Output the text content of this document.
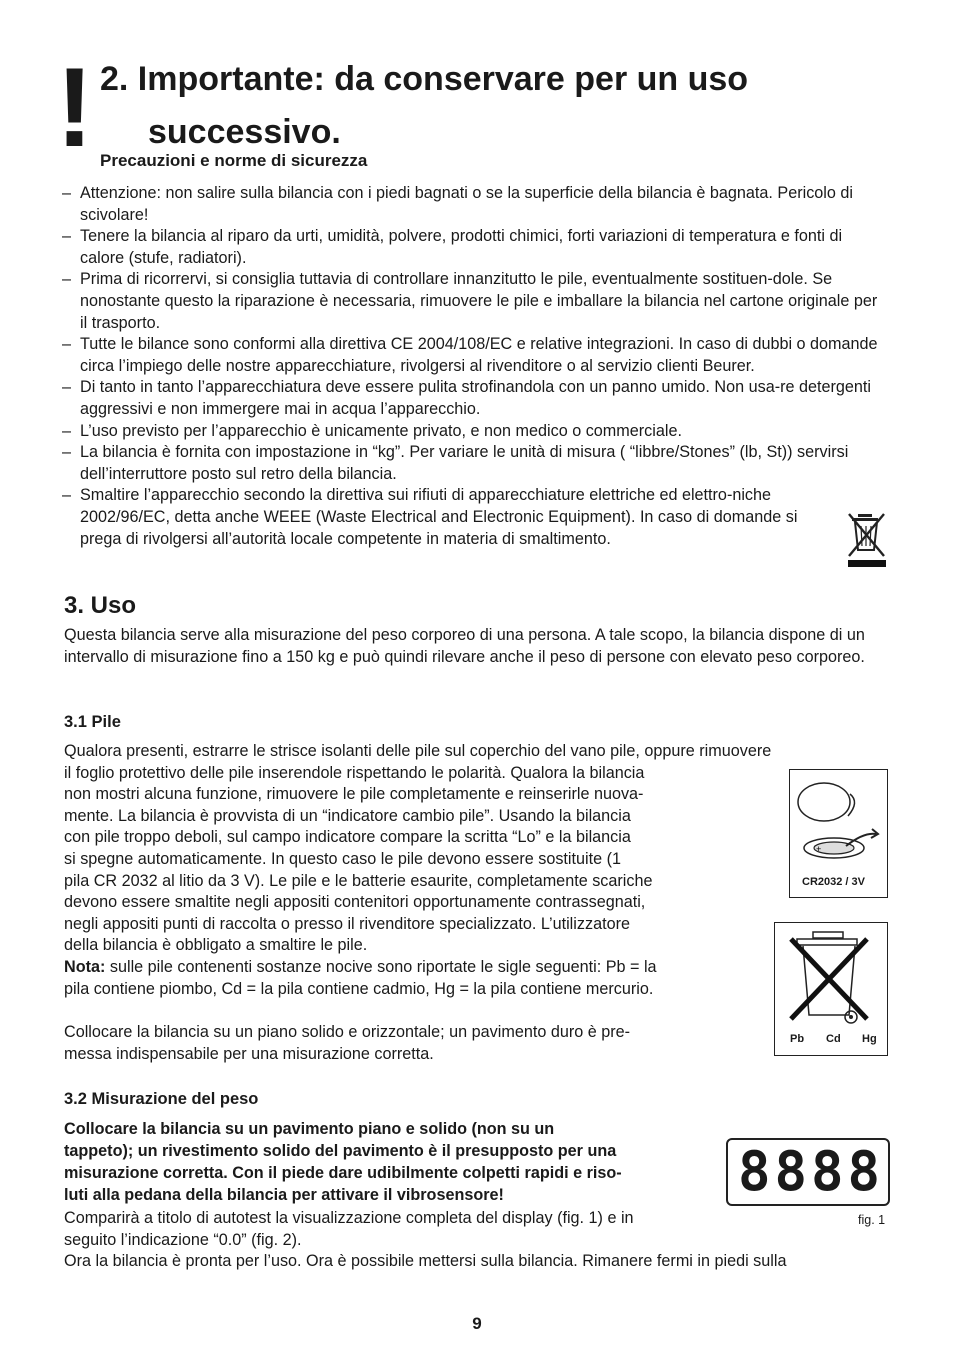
! 2. Importante: da conservare per un uso
successivo.
Precauzioni e norme di sicurezza
– Attenzione: non salire sulla bilancia con i piedi bagnati o se la superficie della bilancia è bagnata. Pericolo di scivolare!
– Tenere la bilancia al riparo da urti, umidità, polvere, prodotti chimici, forti variazioni di temperatura e fonti di calore (stufe, radiatori).
– Prima di ricorrervi, si consiglia tuttavia di controllare innanzitutto le pile, eventualmente sostituen-dole. Se nonostante questo la riparazione è necessaria, rimuovere le pile e imballare la bilancia nel cartone originale per il trasporto.
– Tutte le bilance sono conformi alla direttiva CE 2004/108/EC e relative integrazioni. In caso di dubbi o domande circa l’impiego delle nostre apparecchiature, rivolgersi al rivenditore o al servizio clienti Beurer.
– Di tanto in tanto l’apparecchiatura deve essere pulita strofinandola con un panno umido. Non usa-re detergenti aggressivi e non immergere mai in acqua l’apparecchio.
– L’uso previsto per l’apparecchio è unicamente privato, e non medico o commerciale.
– La bilancia è fornita con impostazione in “kg”. Per variare le unità di misura ( “libbre/Stones” (lb, St)) servirsi dell’interruttore posto sul retro della bilancia.
– Smaltire l’apparecchio secondo la direttiva sui rifiuti di apparecchiature elettriche ed elettro-niche 2002/96/EC, detta anche WEEE (Waste Electrical and Electronic Equipment). In caso di domande si prega di rivolgersi all’autorità locale competente in materia di smaltimento.
3. Uso

Questa bilancia serve alla misurazione del peso corporeo di una persona. A tale scopo, la bilancia dispone di un intervallo di misurazione fino a 150 kg e può quindi rilevare anche il peso di persone con elevato peso corporeo.

3.1 Pile
Qualora presenti, estrarre le strisce isolanti delle pile sul coperchio del vano pile, oppure rimuovere
il foglio protettivo delle pile inserendole rispettando le polarità. Qualora la bilancia
non mostri alcuna funzione, rimuovere le pile completamente e reinserirle nuova-
mente. La bilancia è provvista di un “indicatore cambio pile”. Usando la bilancia
con pile troppo deboli, sul campo indicatore compare la scritta “Lo” e la bilancia
si spegne automaticamente. In questo caso le pile devono essere sostituite (1
pila CR 2032 al litio da 3 V). Le pile e le batterie esaurite, completamente scariche
devono essere smaltite negli appositi contenitori opportunamente contrassegnati,
negli appositi punti di raccolta o presso il rivenditore specializzato. L’utilizzatore
della bilancia è obbligato a smaltire le pile.
Nota: sulle pile contenenti sostanze nocive sono riportate le sigle seguenti: Pb = la
pila contiene piombo, Cd = la pila contiene cadmio, Hg = la pila contiene mercurio.
Collocare la bilancia su un piano solido e orizzontale; un pavimento duro è pre-
messa indispensabile per una misurazione corretta.
+
CR2032 / 3V
Pb Cd Hg
3.2 Misurazione del peso
Collocare la bilancia su un pavimento piano e solido (non su un
tappeto); un rivestimento solido del pavimento è il presupposto per una
misurazione corretta. Con il piede dare udibilmente colpetti rapidi e riso-
luti alla pedana della bilancia per attivare il vibrosensore!
Comparirà a titolo di autotest la visualizzazione completa del display (fig. 1) e in
seguito l’indicazione “0.0” (fig. 2).
Ora la bilancia è pronta per l’uso. Ora è possibile mettersi sulla bilancia. Rimanere fermi in piedi sulla
8888
fig. 1
9
